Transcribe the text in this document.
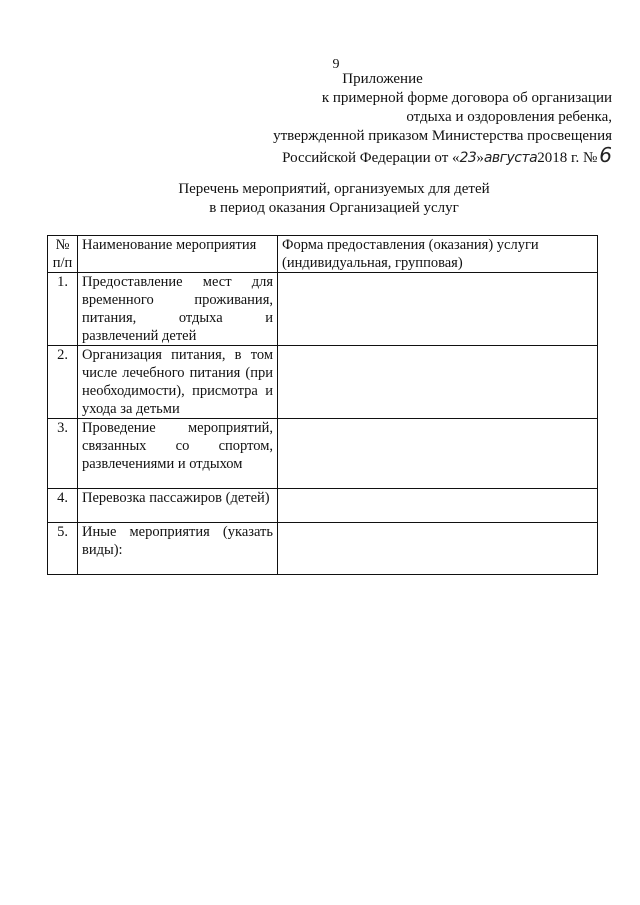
9
Приложение
к примерной форме договора об организации
отдыха и оздоровления ребенка,
утвержденной приказом Министерства просвещения
Российской Федерации от «23»августа2018 г. № 6
Перечень мероприятий, организуемых для детей
в период оказания Организацией услуг
№ п/п	Наименование мероприятия	Форма предоставления (оказания) услуги (индивидуальная, групповая)
1.	Предоставление мест для временного проживания, питания, отдыха и развлечений детей	
2.	Организация питания, в том числе лечебного питания (при необходимости), присмотра и ухода за детьми	
3.	Проведение мероприятий, связанных со спортом, развлечениями и отдыхом	
4.	Перевозка пассажиров (детей)	
5.	Иные мероприятия (указать виды):	
